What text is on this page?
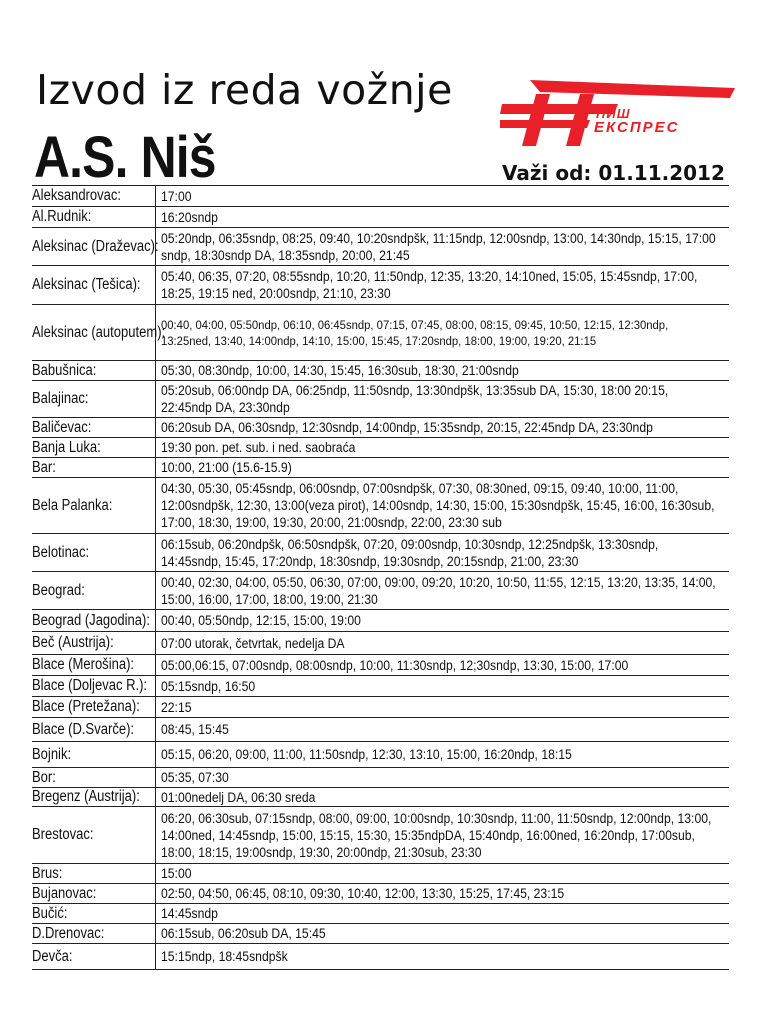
Izvod iz reda vožnje
A.S. Niš
НИШ
ЕКСПРЕС
Važi od: 01.11.2012
Aleksandrovac:	17:00
Al.Rudnik:	16:20sndp
Aleksinac (Draževac):	05:20ndp, 06:35sndp, 08:25, 09:40, 10:20sndpšk, 11:15ndp, 12:00sndp, 13:00, 14:30ndp, 15:15, 17:00 sndp, 18:30sndp DA, 18:35sndp, 20:00, 21:45
Aleksinac (Tešica):	05:40, 06:35, 07:20, 08:55sndp, 10:20, 11:50ndp, 12:35, 13:20, 14:10ned, 15:05, 15:45sndp, 17:00, 18:25, 19:15 ned, 20:00sndp, 21:10, 23:30
Aleksinac (autoputem):	00:40, 04:00, 05:50ndp, 06:10, 06:45sndp, 07:15, 07:45, 08:00, 08:15, 09:45, 10:50, 12:15, 12:30ndp, 13:25ned, 13:40, 14:00ndp, 14:10, 15:00, 15:45, 17:20sndp, 18:00, 19:00, 19:20, 21:15
Babušnica:	05:30, 08:30ndp, 10:00, 14:30, 15:45, 16:30sub, 18:30, 21:00sndp
Balajinac:	05:20sub, 06:00ndp DA, 06:25ndp, 11:50sndp, 13:30ndpšk, 13:35sub DA, 15:30, 18:00 20:15, 22:45ndp DA, 23:30ndp
Baličevac:	06:20sub DA, 06:30sndp, 12:30sndp, 14:00ndp, 15:35sndp, 20:15, 22:45ndp DA, 23:30ndp
Banja Luka:	19:30 pon. pet. sub. i ned. saobraća
Bar:	10:00, 21:00 (15.6-15.9)
Bela Palanka:	04:30, 05:30, 05:45sndp, 06:00sndp, 07:00sndpšk, 07:30, 08:30ned, 09:15, 09:40, 10:00, 11:00, 12:00sndpšk, 12:30, 13:00(veza pirot), 14:00sndp, 14:30, 15:00, 15:30sndpšk, 15:45, 16:00, 16:30sub, 17:00, 18:30, 19:00, 19:30, 20:00, 21:00sndp, 22:00, 23:30 sub
Belotinac:	06:15sub, 06:20ndpšk, 06:50sndpšk, 07:20, 09:00sndp, 10:30sndp, 12:25ndpšk, 13:30sndp, 14:45sndp, 15:45, 17:20ndp, 18:30sndp, 19:30sndp, 20:15sndp, 21:00, 23:30
Beograd:	00:40, 02:30, 04:00, 05:50, 06:30, 07:00, 09:00, 09:20, 10:20, 10:50, 11:55, 12:15, 13:20, 13:35, 14:00, 15:00, 16:00, 17:00, 18:00, 19:00, 21:30
Beograd (Jagodina):	00:40, 05:50ndp, 12:15, 15:00, 19:00
Beč (Austrija):	07:00 utorak, četvrtak, nedelja DA
Blace (Merošina):	05:00,06:15, 07:00sndp, 08:00sndp, 10:00, 11:30sndp, 12;30sndp, 13:30, 15:00, 17:00
Blace (Doljevac R.):	05:15sndp, 16:50
Blace (Pretežana):	22:15
Blace (D.Svarče):	08:45, 15:45
Bojnik:	05:15, 06:20, 09:00, 11:00, 11:50sndp, 12:30, 13:10, 15:00, 16:20ndp, 18:15
Bor:	05:35, 07:30
Bregenz (Austrija):	01:00nedelj DA, 06:30 sreda
Brestovac:	06:20, 06:30sub, 07:15sndp, 08:00, 09:00, 10:00sndp, 10:30sndp, 11:00, 11:50sndp, 12:00ndp, 13:00, 14:00ned, 14:45sndp, 15:00, 15:15, 15:30, 15:35ndpDA, 15:40ndp, 16:00ned, 16:20ndp, 17:00sub, 18:00, 18:15, 19:00sndp, 19:30, 20:00ndp, 21:30sub, 23:30
Brus:	15:00
Bujanovac:	02:50, 04:50, 06:45, 08:10, 09:30, 10:40, 12:00, 13:30, 15:25, 17:45, 23:15
Bučić:	14:45sndp
D.Drenovac:	06:15sub, 06:20sub DA, 15:45
Devča:	15:15ndp, 18:45sndpšk
